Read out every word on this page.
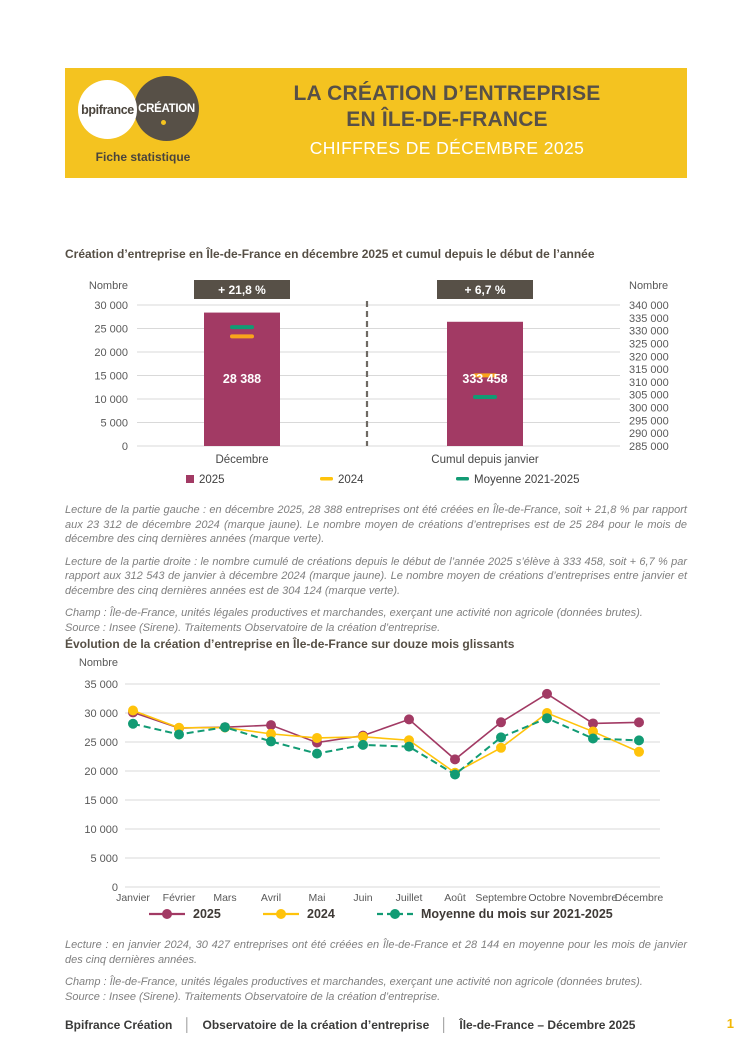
CRÉATION
bpifrance
Fiche statistique
LA CRÉATION D’ENTREPRISE
EN ÎLE-DE-FRANCE
CHIFFRES DE DÉCEMBRE 2025
Création d’entreprise en Île-de-France en décembre 2025 et cumul depuis le début de l’année
30 000
25 000
20 000
15 000
10 000
5 000
0
340 000
335 000
330 000
325 000
320 000
315 000
310 000
305 000
300 000
295 000
290 000
285 000
Nombre	Nombre
+ 21,8 %
28 388
Décembre
+ 6,7 %
333 458
Cumul depuis janvier
2025	2024	Moyenne 2021-2025

Lecture de la partie gauche : en décembre 2025, 28 388 entreprises ont été créées en Île-de-France, soit + 21,8 % par rapport aux 23 312 de décembre 2024 (marque jaune). Le nombre moyen de créations d’entreprises est de 25 284 pour le mois de décembre des cinq dernières années (marque verte).

Lecture de la partie droite : le nombre cumulé de créations depuis le début de l’année 2025 s’élève à 333 458, soit + 6,7 % par rapport aux 312 543 de janvier à décembre 2024 (marque jaune). Le nombre moyen de créations d’entreprises entre janvier et décembre des cinq dernières années est de 304 124 (marque verte).

Champ : Île-de-France, unités légales productives et marchandes, exerçant une activité non agricole (données brutes).

Source : Insee (Sirene). Traitements Observatoire de la création d’entreprise.

Évolution de la création d’entreprise en Île-de-France sur douze mois glissants
35 000
30 000
25 000
20 000
15 000
10 000
5 000
0
Nombre
Janvier Février Mars Avril	Mai	Juin Juillet Août Septembre Octobre Novembre
Décembre
2025	2024	Moyenne du mois sur 2021-2025

Lecture : en janvier 2024, 30 427 entreprises ont été créées en Île-de-France et 28 144 en moyenne pour les mois de janvier des cinq dernières années.

Champ : Île-de-France, unités légales productives et marchandes, exerçant une activité non agricole (données brutes).

Source : Insee (Sirene). Traitements Observatoire de la création d’entreprise.

Bpifrance Création │ Observatoire de la création d’entreprise │ Île-de-France – Décembre 2025	1
